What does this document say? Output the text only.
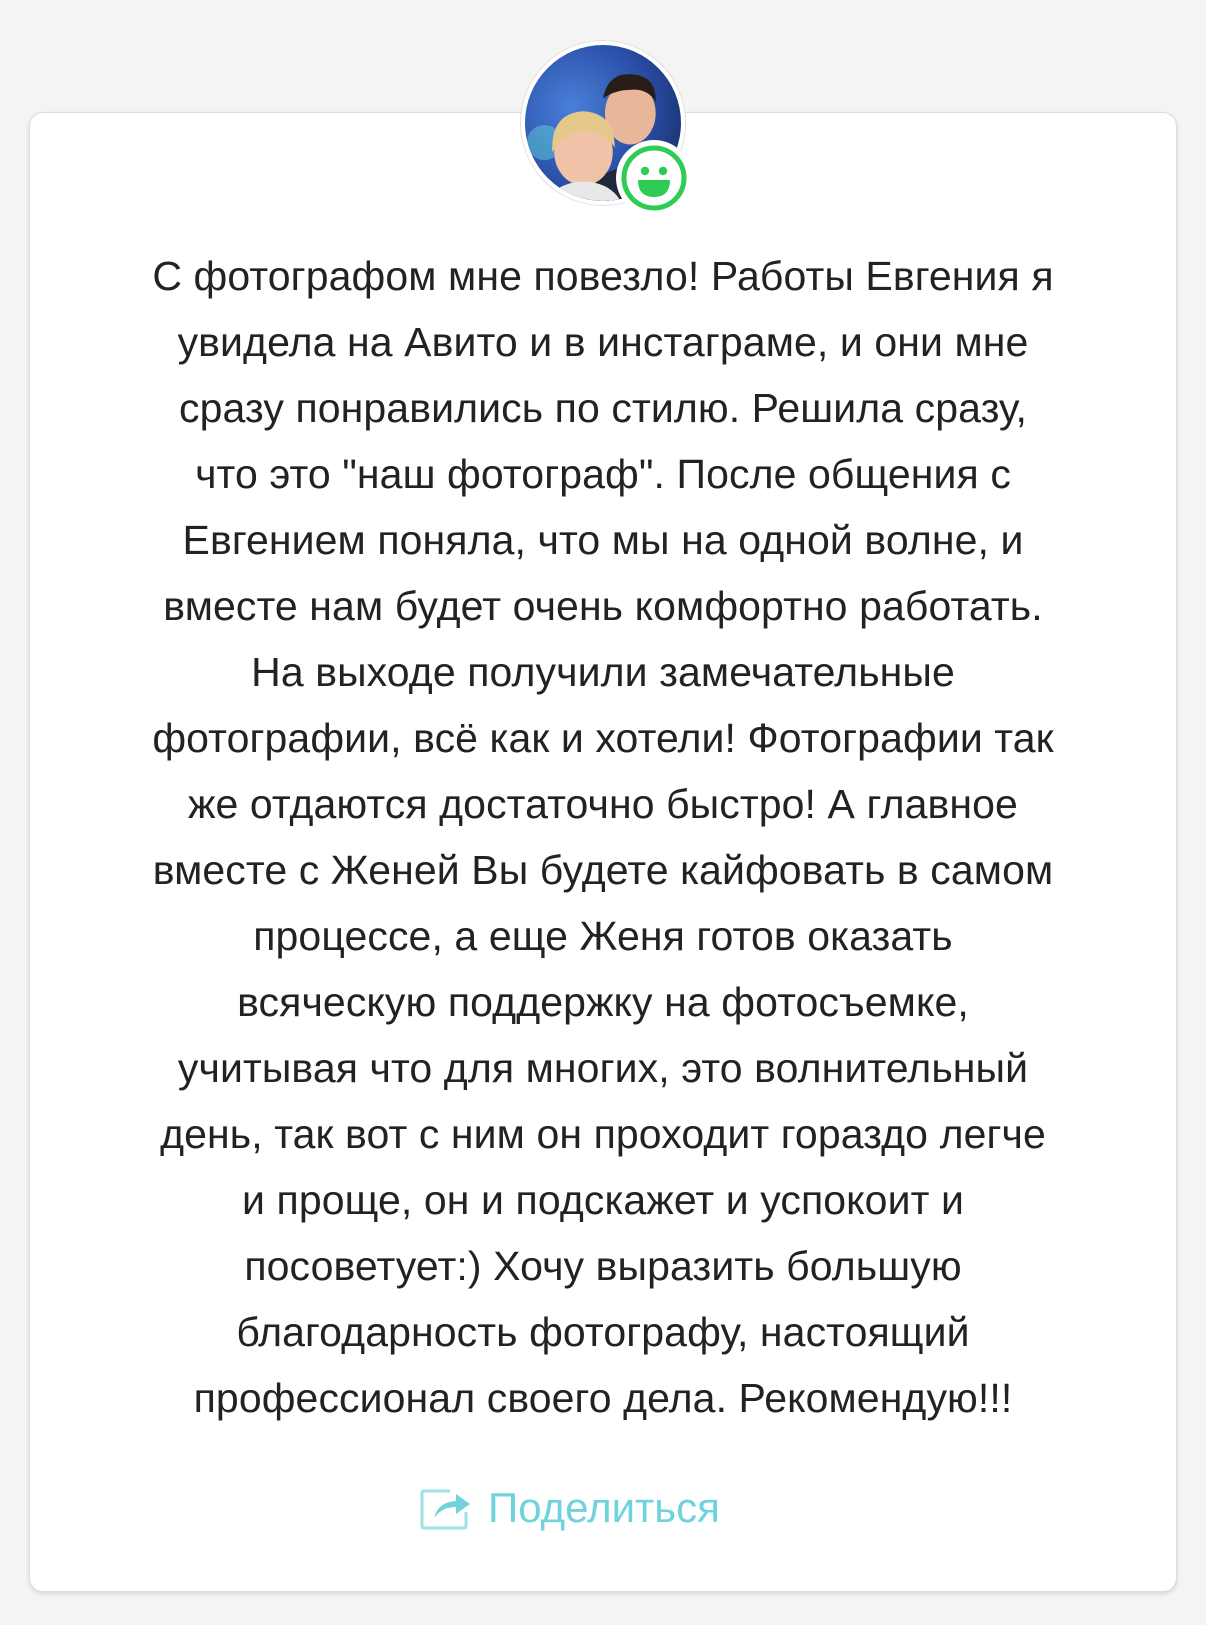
С фотографом мне повезло! Работы Евгения я
увидела на Авито и в инстаграме, и они мне
сразу понравились по стилю. Решила сразу,
что это "наш фотограф". После общения с
Евгением поняла, что мы на одной волне, и
вместе нам будет очень комфортно работать.
На выходе получили замечательные
фотографии, всё как и хотели! Фотографии так
же отдаются достаточно быстро! А главное
вместе с Женей Вы будете кайфовать в самом
процессе, а еще Женя готов оказать
всяческую поддержку на фотосъемке,
учитывая что для многих, это волнительный
день, так вот с ним он проходит гораздо легче
и проще, он и подскажет и успокоит и
посоветует:) Хочу выразить большую
благодарность фотографу, настоящий
профессионал своего дела. Рекомендую!!!
Поделиться
